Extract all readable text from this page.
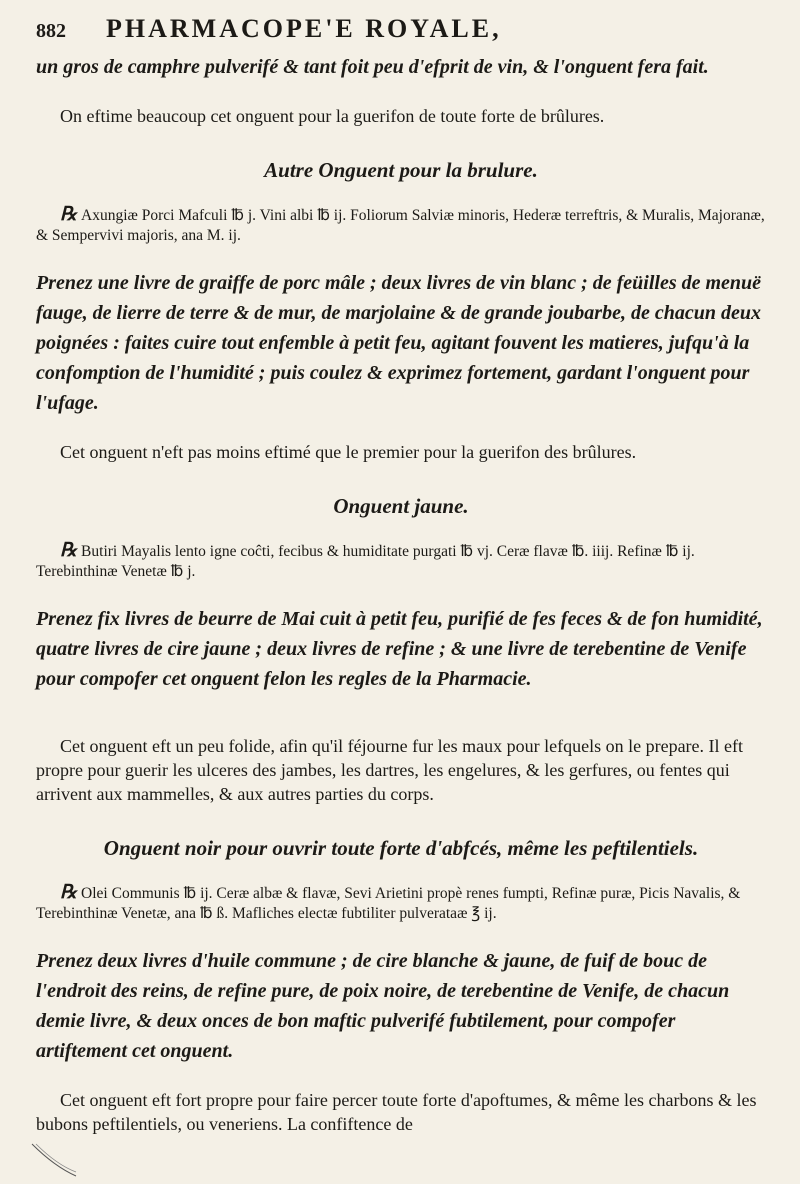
882	PHARMACOPE'E ROYALE,

un gros de camphre pulverifé & tant foit peu d'efprit de vin, & l'onguent fera fait.

On eftime beaucoup cet onguent pour la guerifon de toute forte de brûlures.

Autre Onguent pour la brulure.

℞ Axungiæ Porci Mafculi ℔ j. Vini albi ℔ ij. Foliorum Salviæ minoris, Hederæ terreftris, & Muralis, Majoranæ, & Sempervivi majoris, ana M. ij.

Prenez une livre de graiffe de porc mâle ; deux livres de vin blanc ; de feüilles de menuë fauge, de lierre de terre & de mur, de marjolaine & de grande joubarbe, de chacun deux poignées : faites cuire tout enfemble à petit feu, agitant fouvent les matieres, jufqu'à la confomption de l'humidité ; puis coulez & exprimez fortement, gardant l'onguent pour l'ufage.

Cet onguent n'eft pas moins eftimé que le premier pour la guerifon des brûlures.

Onguent jaune.

℞ Butiri Mayalis lento igne coĉti, fecibus & humiditate purgati ℔ vj. Ceræ flavæ ℔. iiij. Refinæ ℔ ij. Terebinthinæ Venetæ ℔ j.

Prenez fix livres de beurre de Mai cuit à petit feu, purifié de fes feces & de fon humidité, quatre livres de cire jaune ; deux livres de refine ; & une livre de terebentine de Venife pour compofer cet onguent felon les regles de la Pharmacie.

Cet onguent eft un peu folide, afin qu'il féjourne fur les maux pour lefquels on le prepare. Il eft propre pour guerir les ulceres des jambes, les dartres, les engelures, & les gerfures, ou fentes qui arrivent aux mammelles, & aux autres parties du corps.

Onguent noir pour ouvrir toute forte d'abfcés, même les peftilentiels.

℞ Olei Communis ℔ ij. Ceræ albæ & flavæ, Sevi Arietini propè renes fumpti, Refinæ puræ, Picis Navalis, & Terebinthinæ Venetæ, ana ℔ ß. Mafliches electæ fubtiliter pulverataæ ℥ ij.

Prenez deux livres d'huile commune ; de cire blanche & jaune, de fuif de bouc de l'endroit des reins, de refine pure, de poix noire, de terebentine de Venife, de chacun demie livre, & deux onces de bon maftic pulverifé fubtilement, pour compofer artiftement cet onguent.

Cet onguent eft fort propre pour faire percer toute forte d'apoftumes, & même les charbons & les bubons peftilentiels, ou veneriens. La confiftence de
